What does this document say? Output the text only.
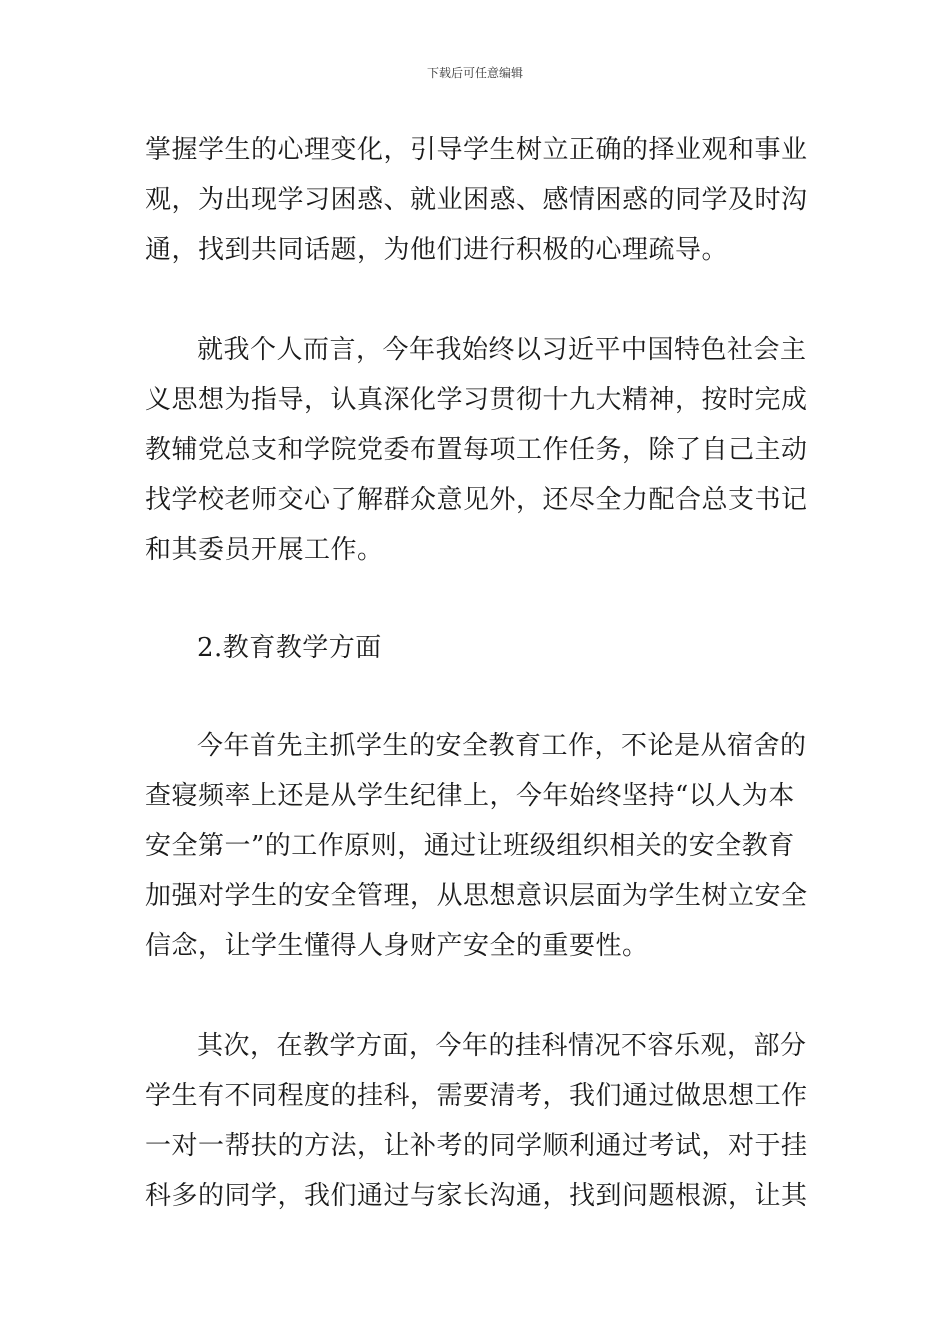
下载后可任意编辑
掌握学生的心理变化，引导学生树立正确的择业观和事业
观，为出现学习困惑、就业困惑、感情困惑的同学及时沟
通，找到共同话题，为他们进行积极的心理疏导。
就我个人而言，今年我始终以习近平中国特色社会主
义思想为指导，认真深化学习贯彻十九大精神，按时完成
教辅党总支和学院党委布置每项工作任务，除了自己主动
找学校老师交心了解群众意见外，还尽全力配合总支书记
和其委员开展工作。
2.教育教学方面
今年首先主抓学生的安全教育工作，不论是从宿舍的
查寝频率上还是从学生纪律上，今年始终坚持“以人为本
安全第一”的工作原则，通过让班级组织相关的安全教育
加强对学生的安全管理，从思想意识层面为学生树立安全
信念，让学生懂得人身财产安全的重要性。
其次，在教学方面，今年的挂科情况不容乐观，部分
学生有不同程度的挂科，需要清考，我们通过做思想工作
一对一帮扶的方法，让补考的同学顺利通过考试，对于挂
科多的同学，我们通过与家长沟通，找到问题根源，让其
